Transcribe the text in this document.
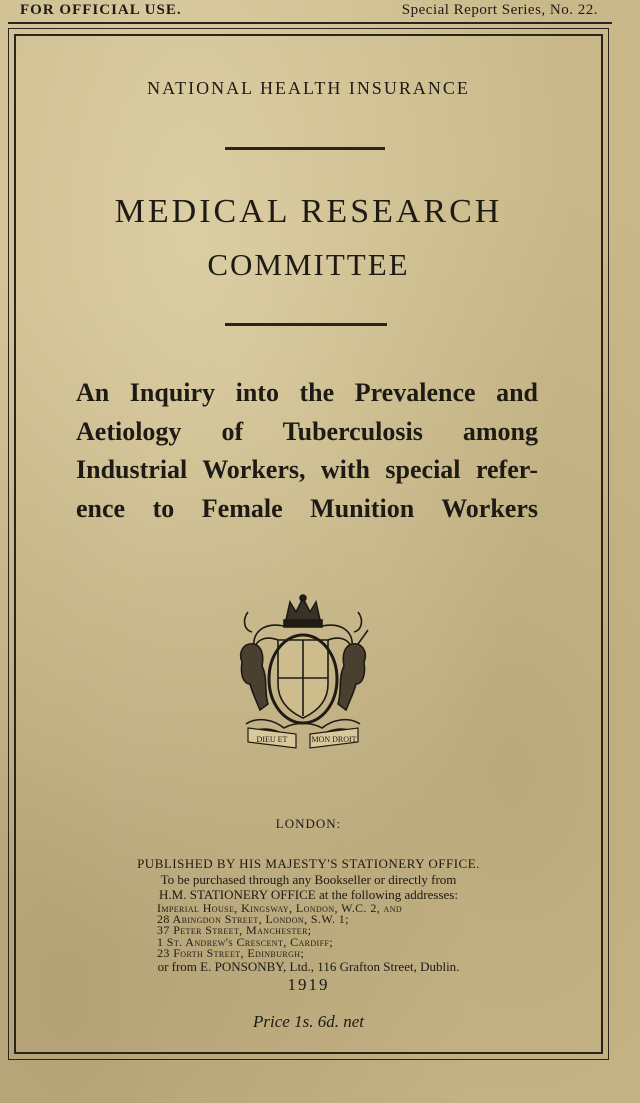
FOR OFFICIAL USE.	Special Report Series, No. 22.
NATIONAL HEALTH INSURANCE
MEDICAL RESEARCH
COMMITTEE
An Inquiry into the Prevalence and
Aetiology of Tuberculosis among
Industrial Workers, with special refer-
ence to Female Munition Workers
DIEU ET	MON DROIT
LONDON:
PUBLISHED BY HIS MAJESTY'S STATIONERY OFFICE.
To be purchased through any Bookseller or directly from
H.M. STATIONERY OFFICE at the following addresses:
Imperial House, Kingsway, London, W.C. 2, and
28 Abingdon Street, London, S.W. 1;
37 Peter Street, Manchester;
1 St. Andrew's Crescent, Cardiff;
23 Forth Street, Edinburgh;
or from E. PONSONBY, Ltd., 116 Grafton Street, Dublin.
1919
Price 1s. 6d. net
